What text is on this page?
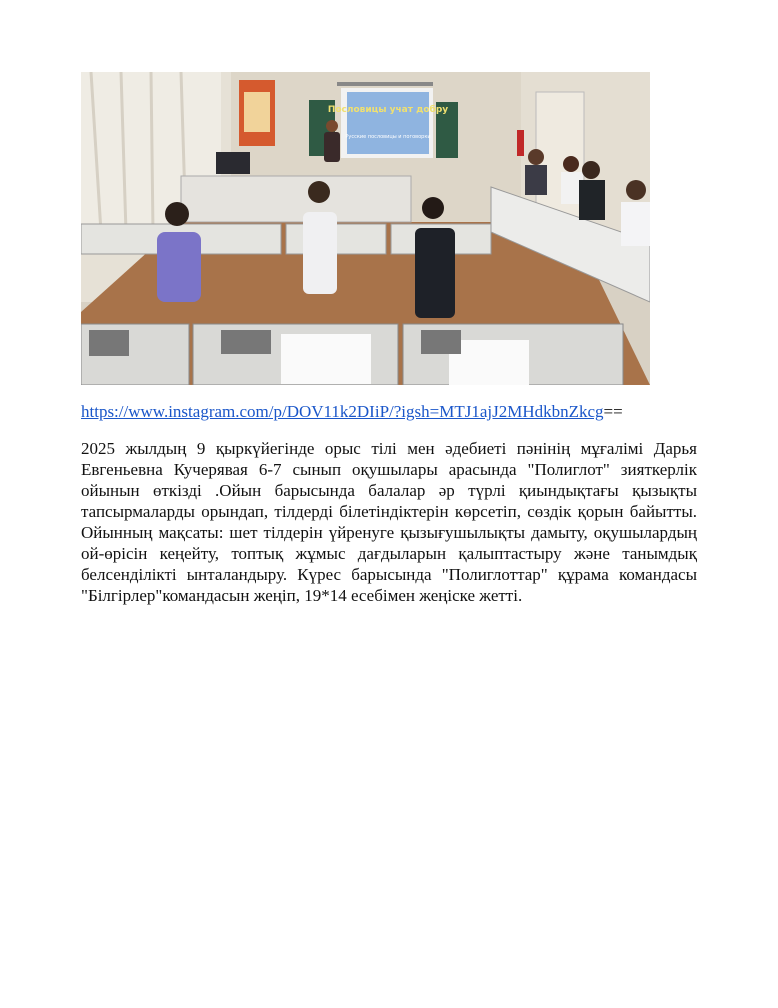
Пословицы учат добру
Русские пословицы и поговорки
https://www.instagram.com/p/DOV11k2DIiP/?igsh=MTJ1ajJ2MHdkbnZkcg==

2025 жылдың 9 қыркүйегінде орыс тілі мен әдебиеті пәнінің мұғалімі Дарья Евгеньевна Кучерявая 6-7 сынып оқушылары арасында "Полиглот" зияткерлік ойынын өткізді .Ойын барысында балалар әр түрлі қиындықтағы қызықты тапсырмаларды орындап, тілдерді білетіндіктерін көрсетіп, сөздік қорын байытты. Ойынның мақсаты: шет тілдерін үйренуге қызығушылықты дамыту, оқушылардың ой-өрісін кеңейту, топтық жұмыс дағдыларын қалыптастыру және танымдық белсенділікті ынталандыру. Күрес барысында "Полиглоттар" құрама командасы "Білгірлер"командасын жеңіп, 19*14 есебімен жеңіске жетті.
